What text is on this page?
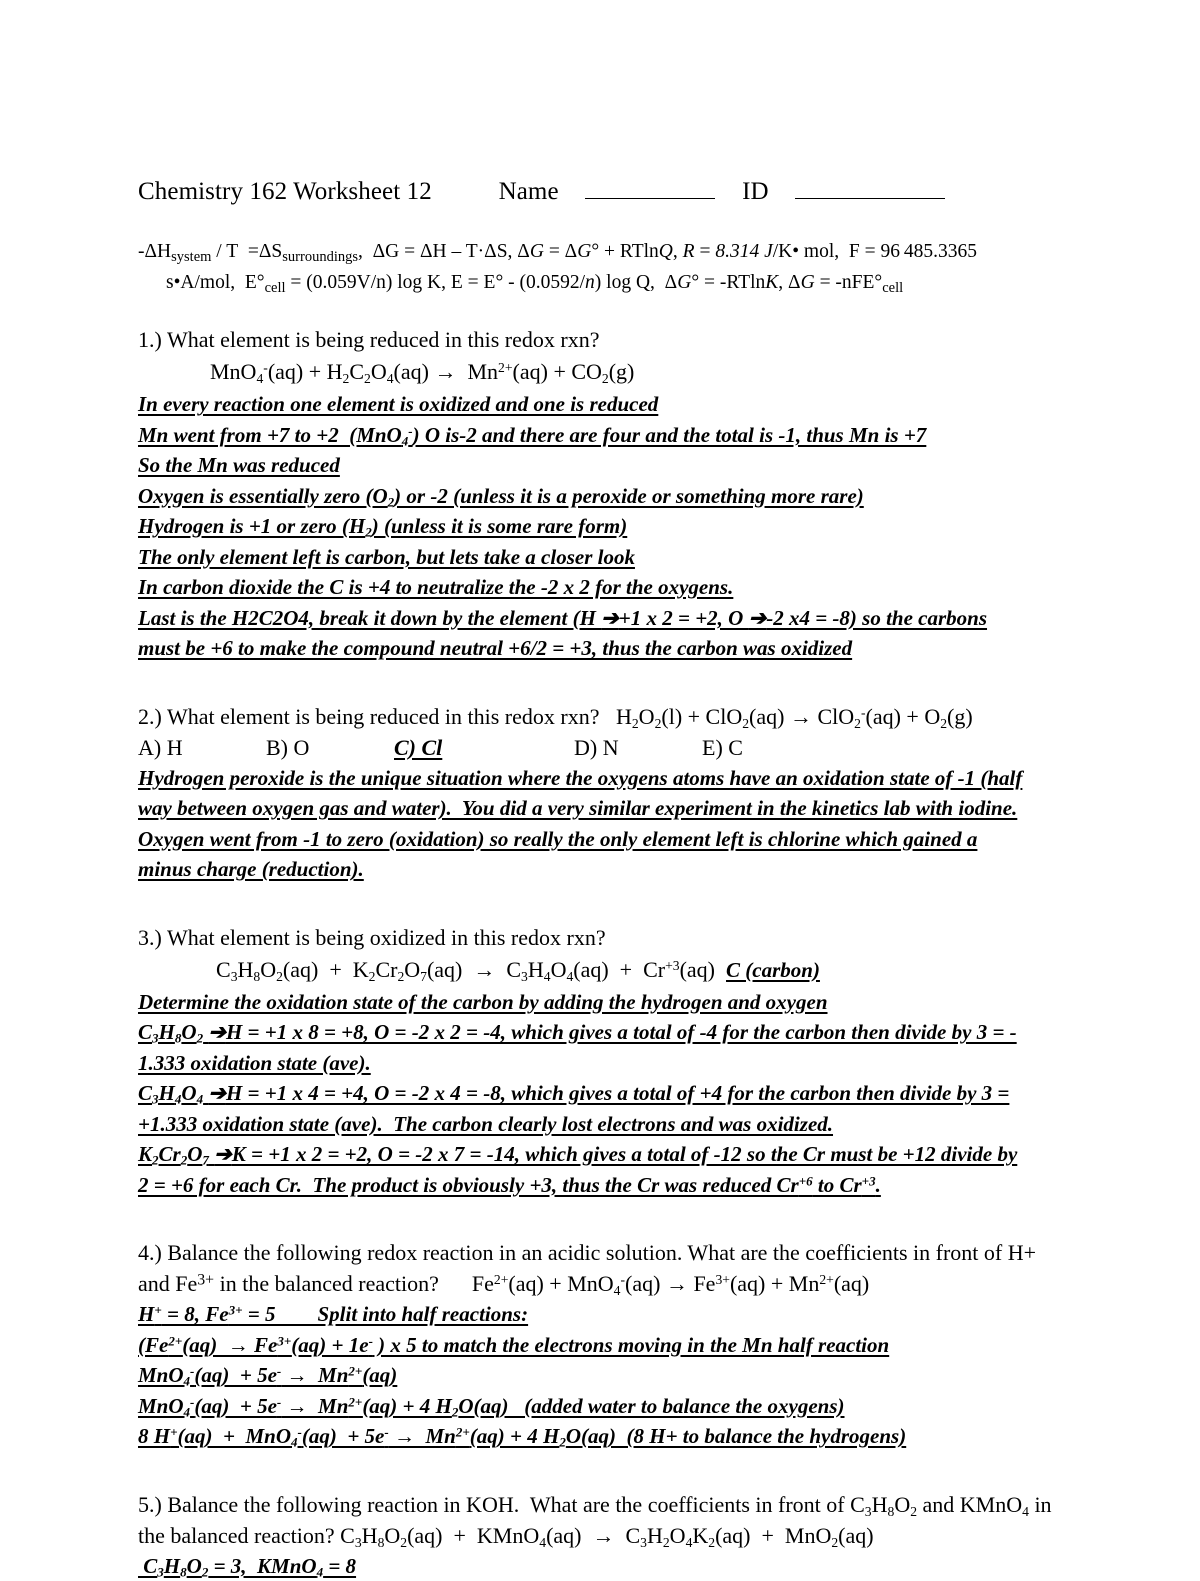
Chemistry 162 Worksheet 12	Name	ID
$-\Delta H_{system} / T =\Delta S_{surroundings}$,  ΔG = ΔH – T·ΔS, ΔG = ΔG° + RTlnQ, R = 8.314 J/K• mol,  F = 96 485.3365
s•A/mol,  $E^\circ_{cell} = (0.059V/n)$ log K, E = E° - (0.0592/n) log Q,  ΔG° = -RTlnK, $\Delta G = -nFE^\circ_{cell}$
1.) What element is being reduced in this redox rxn?
$MnO_4^-(aq) + H_2C_2O_4(aq) \to Mn^{2+}(aq) + CO_2(g)$
In every reaction one element is oxidized and one is reduced
Mn went from +7 to +2  (MnO$_4$-) O is-2 and there are four and the total is -1, thus Mn is +7
So the Mn was reduced
Oxygen is essentially zero $(O_2)$ or -2 (unless it is a peroxide or something more rare)
Hydrogen is +1 or zero $(H_2)$ (unless it is some rare form)
The only element left is carbon, but lets take a closer look
In carbon dioxide the C is +4 to neutralize the -2 x 2 for the oxygens.
Last is the H2C2O4, break it down by the element (H ➔+1 x 2 = +2, O ➔-2 x4 = -8) so the carbons
must be +6 to make the compound neutral +6/2 = +3, thus the carbon was oxidized
2.) What element is being reduced in this redox rxn? $H_2O_2(l) + ClO_2(aq) \to ClO_2^-(aq) + O_2(g)$
A) H	B) O	C) Cl	D) N	E) C
Hydrogen peroxide is the unique situation where the oxygens atoms have an oxidation state of -1 (half
way between oxygen gas and water).  You did a very similar experiment in the kinetics lab with iodine.
Oxygen went from -1 to zero (oxidation) so really the only element left is chlorine which gained a
minus charge (reduction).
3.) What element is being oxidized in this redox rxn?
$C_3H_8O_2(aq) + K_2Cr_2O_7(aq) \to C_3H_4O_4(aq) + Cr^{+3}(aq)$  C (carbon)
Determine the oxidation state of the carbon by adding the hydrogen and oxygen
$C_3H_8O_2$ ➔H = +1 x 8 = +8, O = -2 x 2 = -4, which gives a total of -4 for the carbon then divide by 3 = -
1.333 oxidation state (ave).
$C_3H_4O_4$ ➔H = +1 x 4 = +4, O = -2 x 4 = -8, which gives a total of +4 for the carbon then divide by 3 =
+1.333 oxidation state (ave).  The carbon clearly lost electrons and was oxidized.
$K_2Cr_2O_7$ ➔K = +1 x 2 = +2, O = -2 x 7 = -14, which gives a total of -12 so the Cr must be +12 divide by
2 = +6 for each Cr.  The product is obviously +3, thus the Cr was reduced $Cr^{+6}$ to $Cr^{+3}$.
4.) Balance the following redox reaction in an acidic solution. What are the coefficients in front of H+
and $Fe^{3+}$ in the balanced reaction?      $Fe^{2+}(aq) + MnO_4^-(aq) \to Fe^{3+}(aq) + Mn^{2+}(aq)$
H+ = 8, $Fe^{3+} = 5$        Split into half reactions:
($Fe^{2+}(aq) \to Fe^{3+}(aq) + 1e^-$ ) x 5 to match the electrons moving in the Mn half reaction
$MnO_4^-(aq) + 5e^- \to Mn^{2+}(aq)$
$MnO_4^-(aq) + 5e^- \to Mn^{2+}(aq) + 4$ $H_2O(aq)$   (added water to balance the oxygens)
8 $H^+(aq) + MnO_4^-(aq) + 5e^- \to Mn^{2+}(aq) + 4$ $H_2O(aq)$  (8 H+ to balance the hydrogens)
5.) Balance the following reaction in KOH.  What are the coefficients in front of $C_3H_8O_2$ and KMnO$_4$ in
the balanced reaction? $C_3H_8O_2(aq)$  +  KMnO$_4$(aq)  →  $C_3H_2O_4K_2(aq) + MnO_2(aq)$
$C_3H_8O_2 = 3$,  KMnO$_4$ = 8
